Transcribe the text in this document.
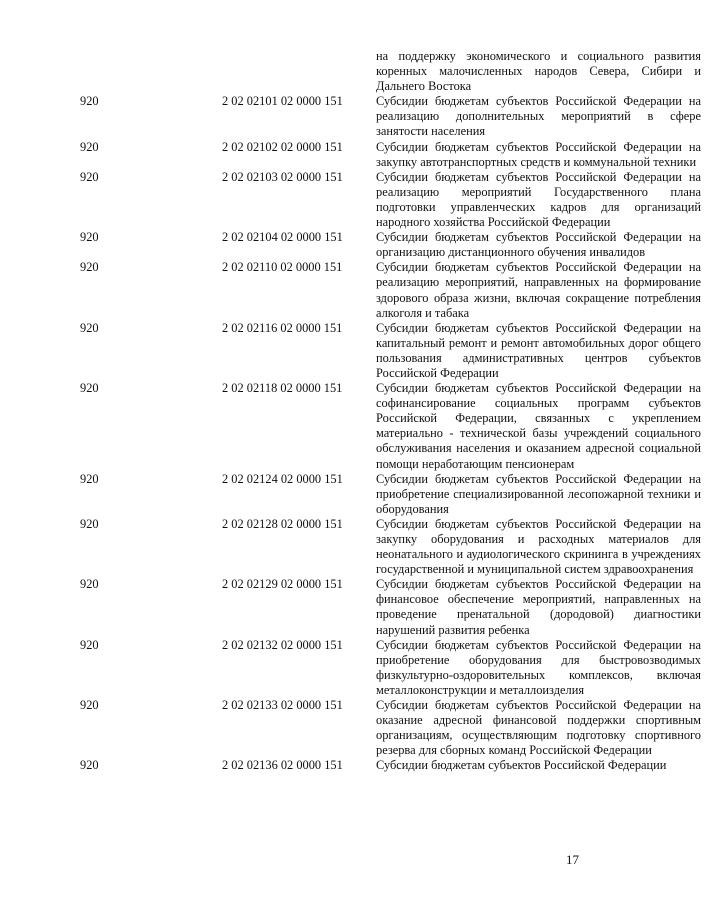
		на поддержку экономического и социального развития коренных малочисленных народов Севера, Сибири и Дальнего Востока
920	2 02 02101 02 0000 151	Субсидии бюджетам субъектов Российской Федерации на реализацию дополнительных мероприятий в сфере занятости населения
920	2 02 02102 02 0000 151	Субсидии бюджетам субъектов Российской Федерации на закупку автотранспортных средств и коммунальной техники
920	2 02 02103 02 0000 151	Субсидии бюджетам субъектов Российской Федерации на реализацию мероприятий Государственного плана подготовки управленческих кадров для организаций народного хозяйства Российской Федерации
920	2 02 02104 02 0000 151	Субсидии бюджетам субъектов Российской Федерации на организацию дистанционного обучения инвалидов
920	2 02 02110 02 0000 151	Субсидии бюджетам субъектов Российской Федерации на реализацию мероприятий, направленных на формирование здорового образа жизни, включая сокращение потребления алкоголя и табака
920	2 02 02116 02 0000 151	Субсидии бюджетам субъектов Российской Федерации на капитальный ремонт и ремонт автомобильных дорог общего пользования административных центров субъектов Российской Федерации
920	2 02 02118 02 0000 151	Субсидии бюджетам субъектов Российской Федерации на софинансирование социальных программ субъектов Российской Федерации, связанных с укреплением материально - технической базы учреждений социального обслуживания населения и оказанием адресной социальной помощи неработающим пенсионерам
920	2 02 02124 02 0000 151	Субсидии бюджетам субъектов Российской Федерации на приобретение специализированной лесопожарной техники и оборудования
920	2 02 02128 02 0000 151	Субсидии бюджетам субъектов Российской Федерации на закупку оборудования и расходных материалов для неонатального и аудиологического скрининга в учреждениях государственной и муниципальной систем здравоохранения
920	2 02 02129 02 0000 151	Субсидии бюджетам субъектов Российской Федерации на финансовое обеспечение мероприятий, направленных на проведение пренатальной (дородовой) диагностики нарушений развития ребенка
920	2 02 02132 02 0000 151	Субсидии бюджетам субъектов Российской Федерации на приобретение оборудования для быстровозводимых физкультурно-оздоровительных комплексов, включая металлоконструкции и металлоизделия
920	2 02 02133 02 0000 151	Субсидии бюджетам субъектов Российской Федерации на оказание адресной финансовой поддержки спортивным организациям, осуществляющим подготовку спортивного резерва для сборных команд Российской Федерации
920	2 02 02136 02 0000 151	Субсидии бюджетам субъектов Российской Федерации
17
